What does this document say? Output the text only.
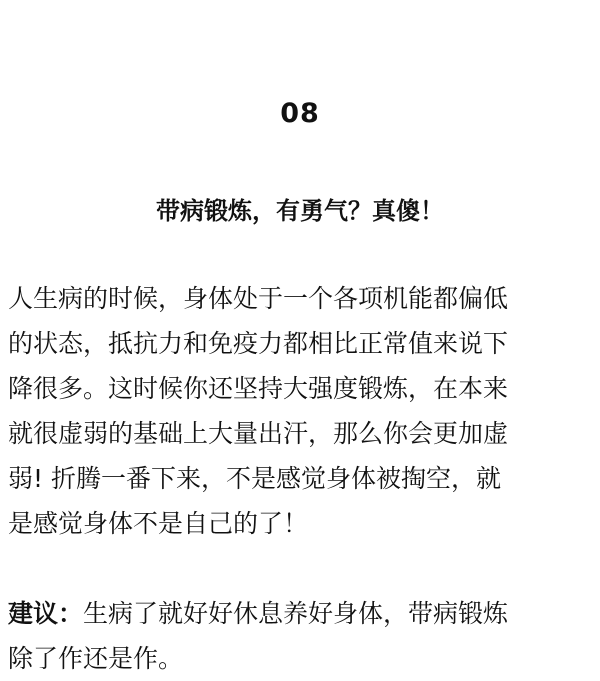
08
带病锻炼，有勇气？真傻！

人生病的时候，身体处于一个各项机能都偏低
的状态，抵抗力和免疫力都相比正常值来说下
降很多。这时候你还坚持大强度锻炼，在本来
就很虚弱的基础上大量出汗，那么你会更加虚
弱! 折腾一番下来，不是感觉身体被掏空，就
是感觉身体不是自己的了！

建议：生病了就好好休息养好身体，带病锻炼
除了作还是作。
